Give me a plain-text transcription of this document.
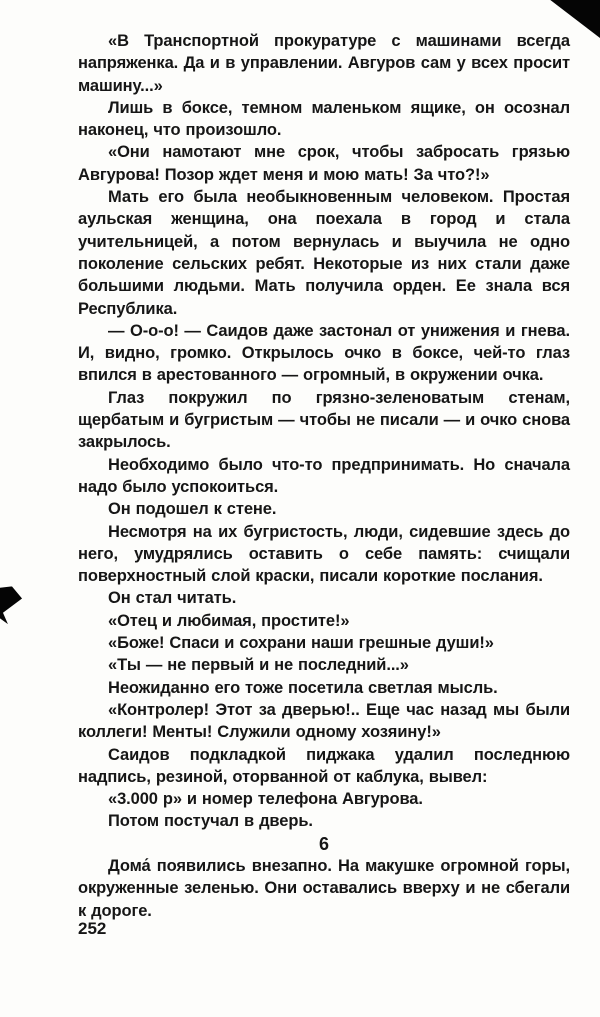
«В Транспортной прокуратуре с машинами всегда напряженка. Да и в управлении. Авгуров сам у всех просит машину...»

Лишь в боксе, темном маленьком ящике, он осознал наконец, что произошло.

«Они намотают мне срок, чтобы забросать грязью Авгурова! Позор ждет меня и мою мать! За что?!»

Мать его была необыкновенным человеком. Простая аульская женщина, она поехала в город и стала учительницей, а потом вернулась и выучила не одно поколение сельских ребят. Некоторые из них стали даже большими людьми. Мать получила орден. Ее знала вся Республика.

— О-о-о! — Саидов даже застонал от унижения и гнева. И, видно, громко. Открылось очко в боксе, чей-то глаз впился в арестованного — огромный, в окружении очка.

Глаз покружил по грязно-зеленоватым стенам, щербатым и бугристым — чтобы не писали — и очко снова закрылось.

Необходимо было что-то предпринимать. Но сначала надо было успокоиться.

Он подошел к стене.

Несмотря на их бугристость, люди, сидевшие здесь до него, умудрялись оставить о себе память: счищали поверхностный слой краски, писали короткие послания.

Он стал читать.

«Отец и любимая, простите!»

«Боже! Спаси и сохрани наши грешные души!»

«Ты — не первый и не последний...»

Неожиданно его тоже посетила светлая мысль.

«Контролер! Этот за дверью!.. Еще час назад мы были коллеги! Менты! Служили одному хозяину!»

Саидов подкладкой пиджака удалил последнюю надпись, резиной, оторванной от каблука, вывел:

«3.000 р» и номер телефона Авгурова.

Потом постучал в дверь.

6

Дома́ появились внезапно. На макушке огромной горы, окруженные зеленью. Они оставались вверху и не сбегали к дороге.

252
